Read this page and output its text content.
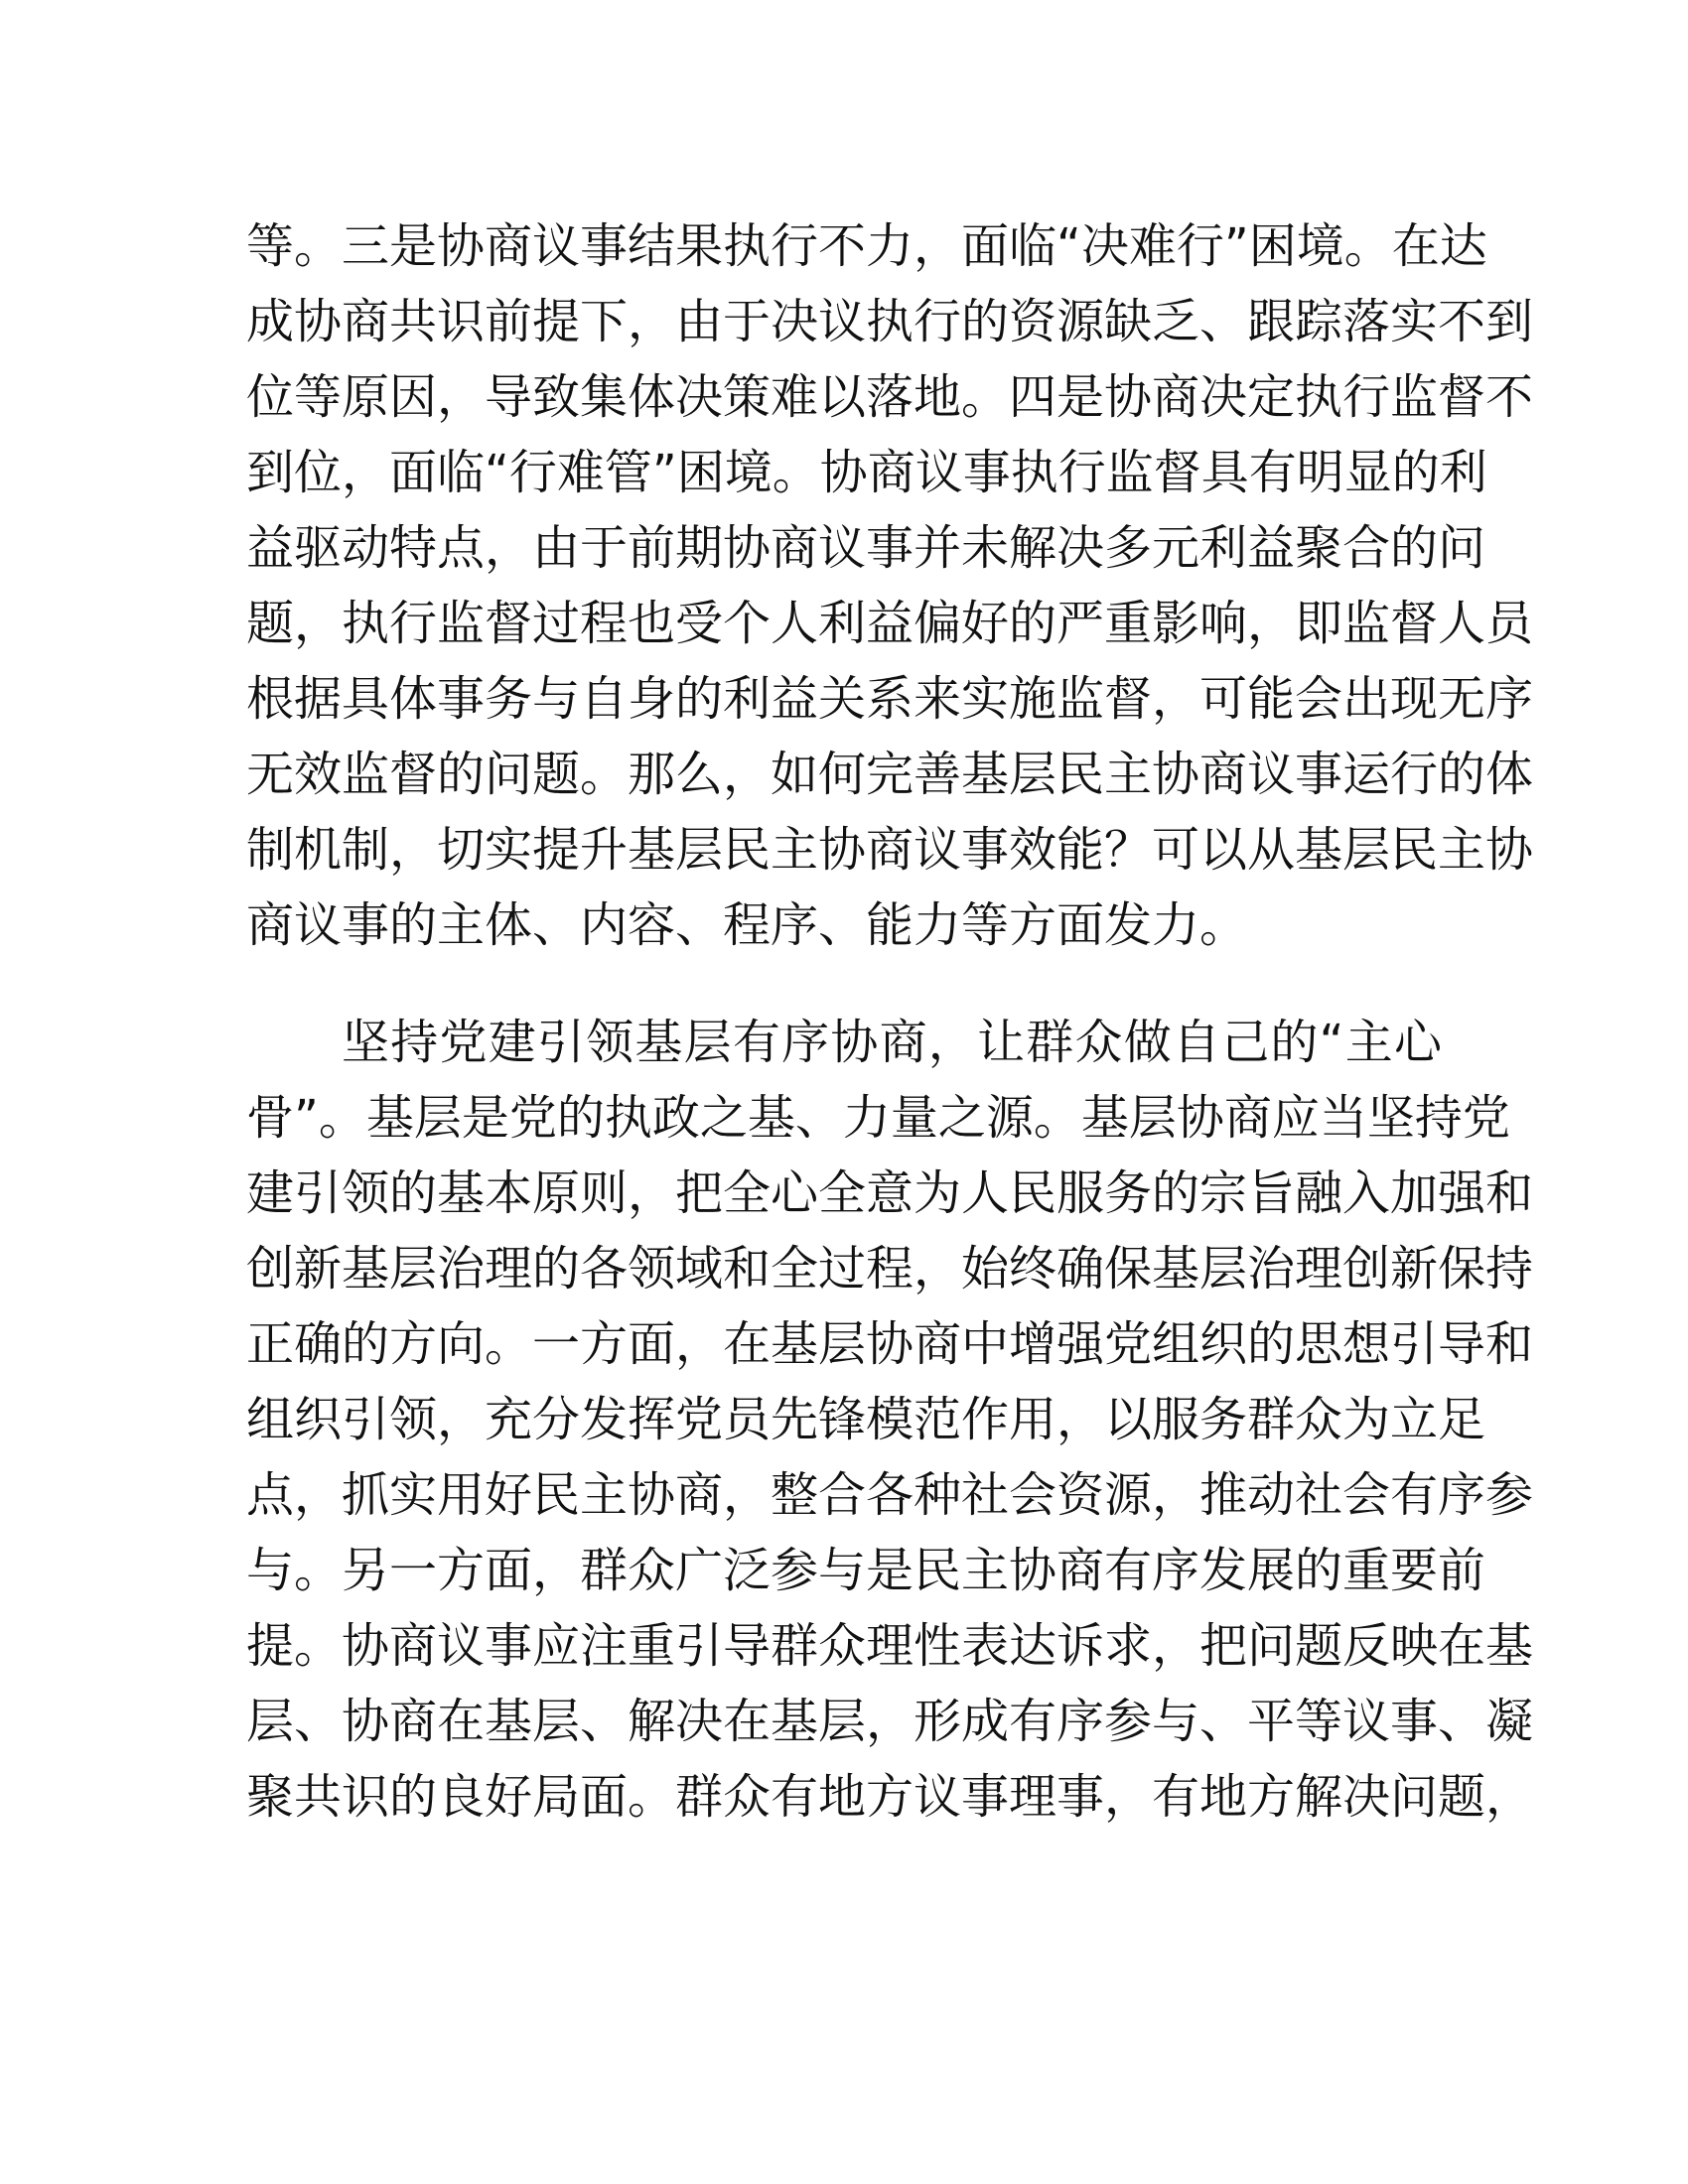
等。三是协商议事结果执行不力，面临“决难行”困境。在达
成协商共识前提下，由于决议执行的资源缺乏、跟踪落实不到
位等原因，导致集体决策难以落地。四是协商决定执行监督不
到位，面临“行难管”困境。协商议事执行监督具有明显的利
益驱动特点，由于前期协商议事并未解决多元利益聚合的问
题，执行监督过程也受个人利益偏好的严重影响，即监督人员
根据具体事务与自身的利益关系来实施监督，可能会出现无序
无效监督的问题。那么，如何完善基层民主协商议事运行的体
制机制，切实提升基层民主协商议事效能？可以从基层民主协
商议事的主体、内容、程序、能力等方面发力。
坚持党建引领基层有序协商，让群众做自己的“主心
骨”。基层是党的执政之基、力量之源。基层协商应当坚持党
建引领的基本原则，把全心全意为人民服务的宗旨融入加强和
创新基层治理的各领域和全过程，始终确保基层治理创新保持
正确的方向。一方面，在基层协商中增强党组织的思想引导和
组织引领，充分发挥党员先锋模范作用，以服务群众为立足
点，抓实用好民主协商，整合各种社会资源，推动社会有序参
与。另一方面，群众广泛参与是民主协商有序发展的重要前
提。协商议事应注重引导群众理性表达诉求，把问题反映在基
层、协商在基层、解决在基层，形成有序参与、平等议事、凝
聚共识的良好局面。群众有地方议事理事，有地方解决问题，
